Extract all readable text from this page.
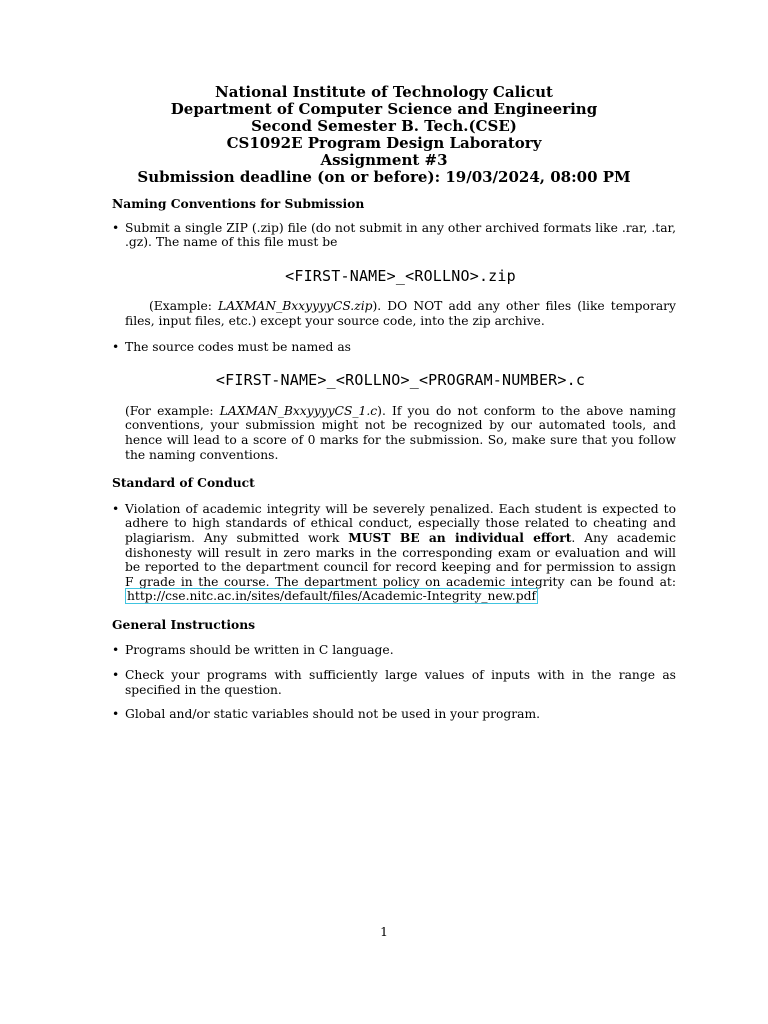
National Institute of Technology Calicut
Department of Computer Science and Engineering
Second Semester B. Tech.(CSE)
CS1092E Program Design Laboratory
Assignment #3
Submission deadline (on or before): 19/03/2024, 08:00 PM
Naming Conventions for Submission
• Submit a single ZIP (.zip) file (do not submit in any other archived formats like .rar, .tar, .gz). The name of this file must be
<FIRST-NAME>_<ROLLNO>.zip
(Example: LAXMAN_BxxyyyyCS.zip). DO NOT add any other files (like temporary files, input files, etc.) except your source code, into the zip archive.
• The source codes must be named as
<FIRST-NAME>_<ROLLNO>_<PROGRAM-NUMBER>.c
(For example: LAXMAN_BxxyyyyCS_1.c). If you do not conform to the above naming conventions, your submission might not be recognized by our automated tools, and hence will lead to a score of 0 marks for the submission. So, make sure that you follow the naming conventions.
Standard of Conduct
• Violation of academic integrity will be severely penalized. Each student is expected to adhere to high standards of ethical conduct, especially those related to cheating and plagiarism. Any submitted work MUST BE an individual effort. Any academic dishonesty will result in zero marks in the corresponding exam or evaluation and will be reported to the department council for record keeping and for permission to assign F grade in the course. The department policy on academic integrity can be found at: http://cse.nitc.ac.in/sites/default/files/Academic-Integrity_new.pdf
General Instructions
• Programs should be written in C language.
• Check your programs with sufficiently large values of inputs with in the range as specified in the question.
• Global and/or static variables should not be used in your program.
1
